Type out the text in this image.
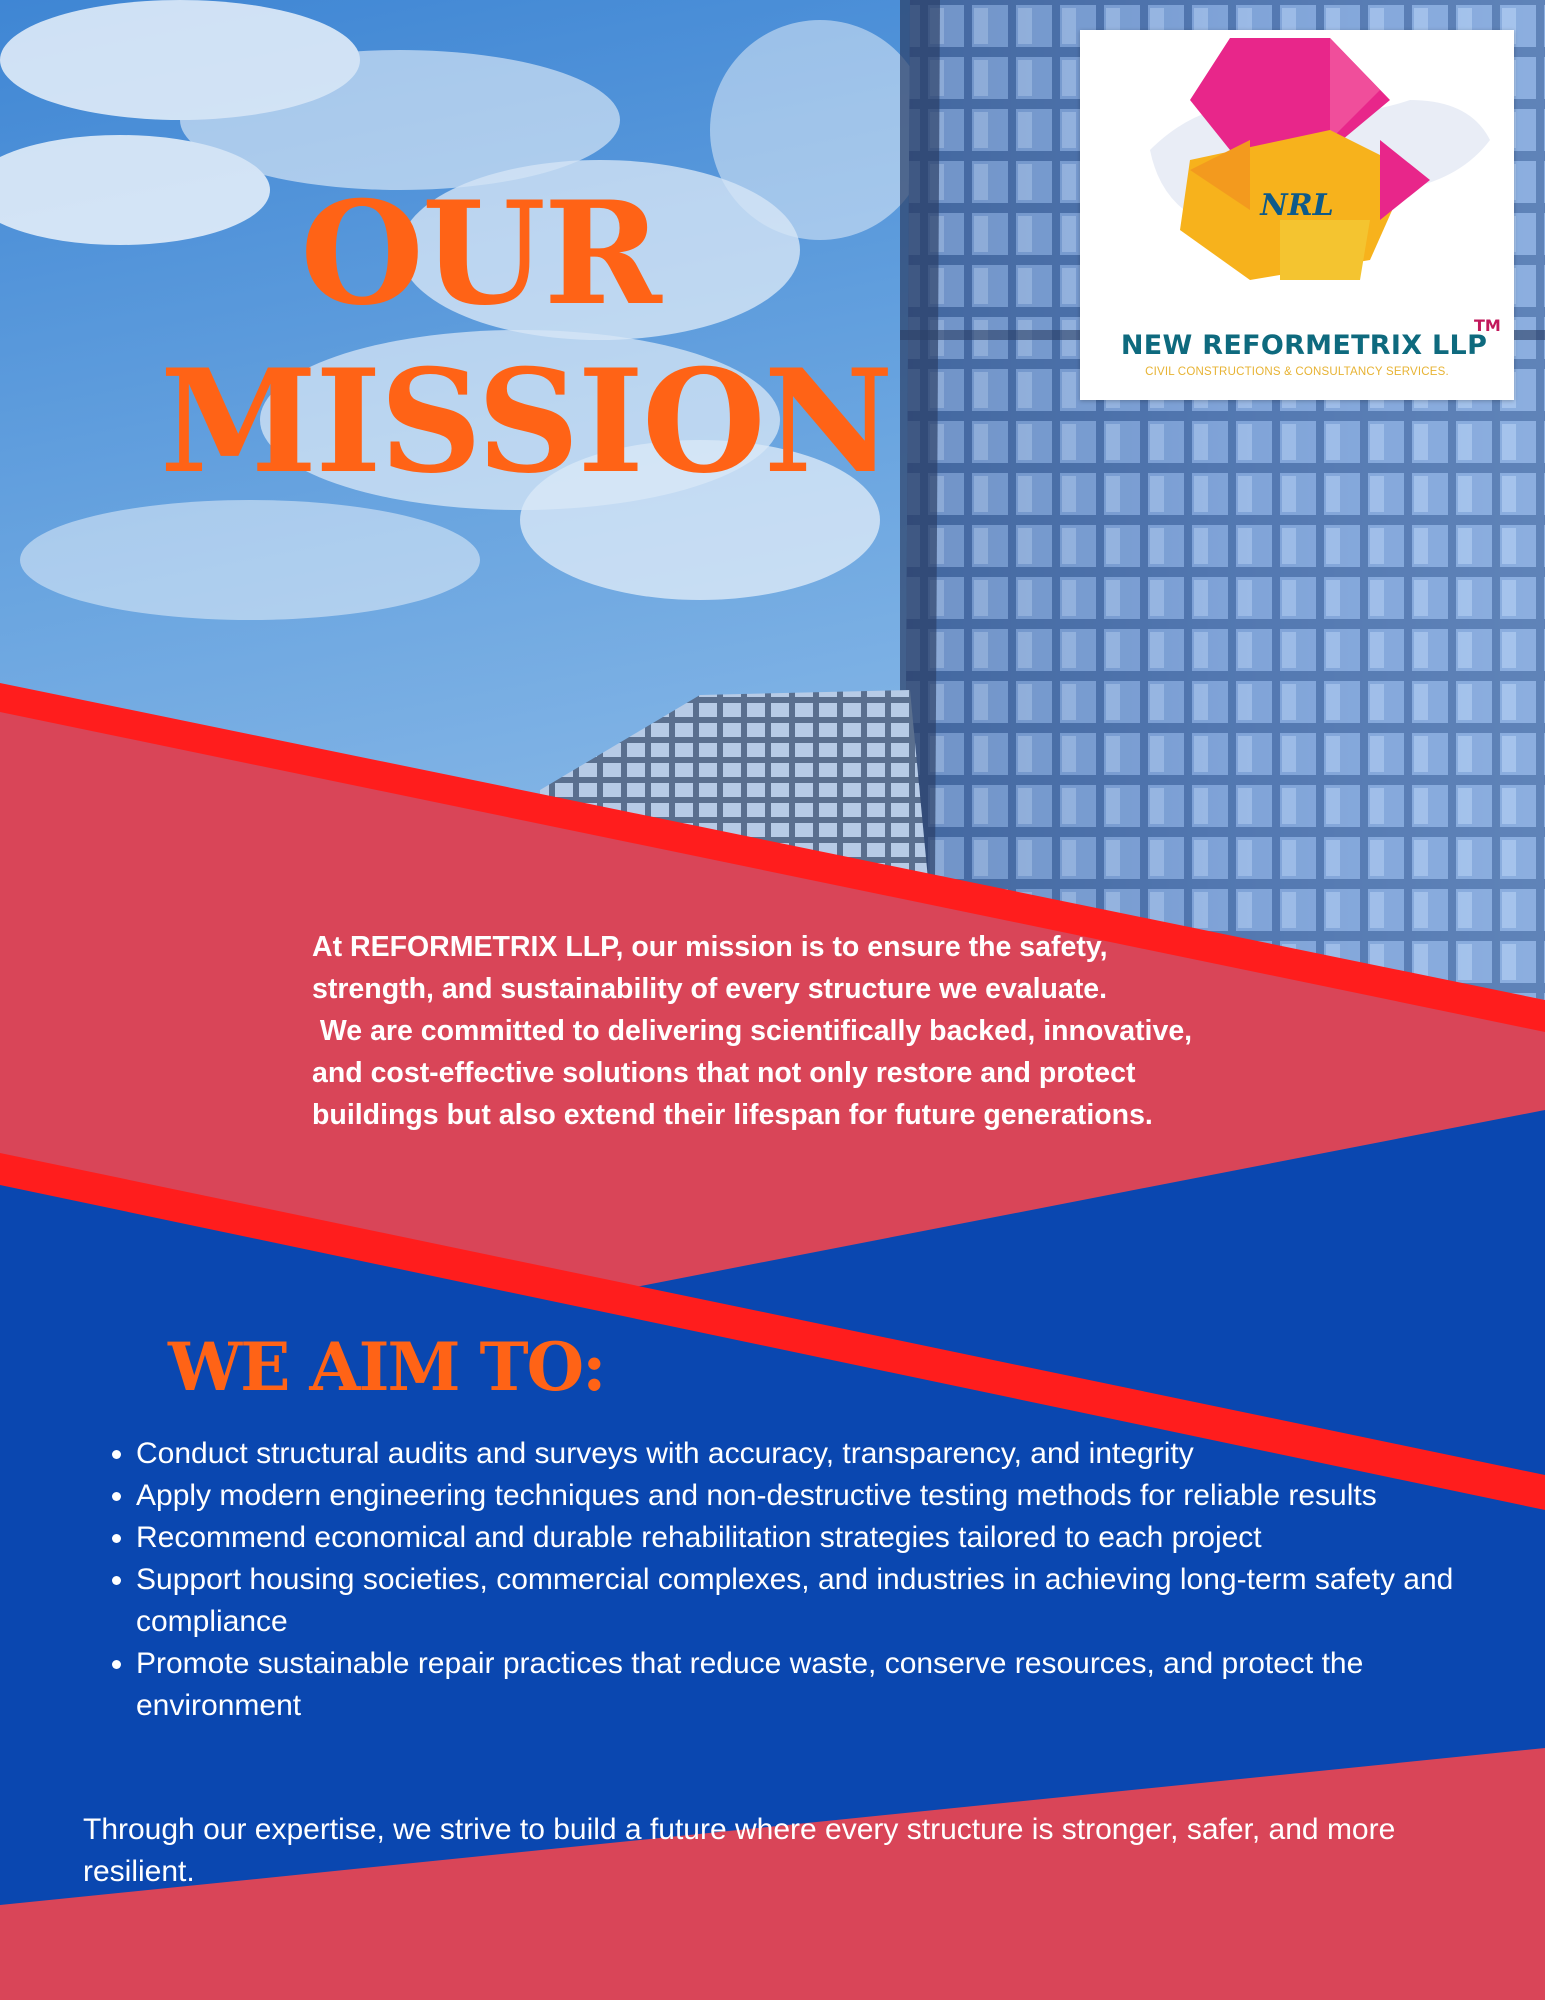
OUR
MISSION
NRL
NEW REFORMETRIX LLP
TM
CIVIL CONSTRUCTIONS & CONSULTANCY SERVICES.

At REFORMETRIX LLP, our mission is to ensure the safety, strength, and sustainability of every structure we evaluate.

We are committed to delivering scientifically backed, innovative, and cost-effective solutions that not only restore and protect buildings but also extend their lifespan for future generations.

WE AIM TO:
• Conduct structural audits and surveys with accuracy, transparency, and integrity
• Apply modern engineering techniques and non-destructive testing methods for reliable results
• Recommend economical and durable rehabilitation strategies tailored to each project
• Support housing societies, commercial complexes, and industries in achieving long-term safety and compliance
• Promote sustainable repair practices that reduce waste, conserve resources, and protect the environment

Through our expertise, we strive to build a future where every structure is stronger, safer, and more resilient.
